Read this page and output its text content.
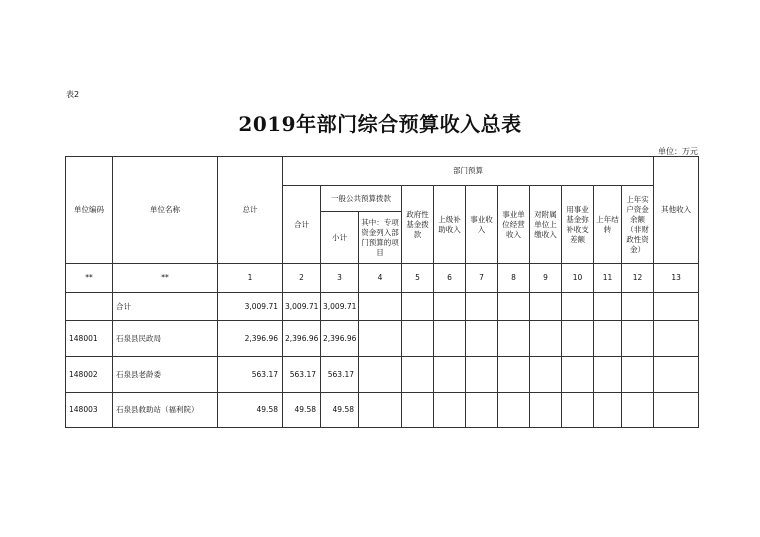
表2
2019年部门综合预算收入总表
单位：万元
单位编码	单位名称	总计	部门预算											其他收入
			合计	一般公共预算拨款		政府性基金拨款	上级补助收入	事业收入	事业单位经营收入	对附属单位上缴收入	用事业基金弥补收支差额	上年结转	上年实户资金余额（非财政性资金）	
				小计	其中：专项资金列入部门预算的项目									
**	**	1	2	3	4	5	6	7	8	9	10	11	12	13
	合计	3,009.71	3,009.71	3,009.71										
148001	石泉县民政局	2,396.96	2,396.96	2,396.96										
148002	石泉县老龄委	563.17	563.17	563.17										
148003	石泉县救助站（福利院）	49.58	49.58	49.58										
